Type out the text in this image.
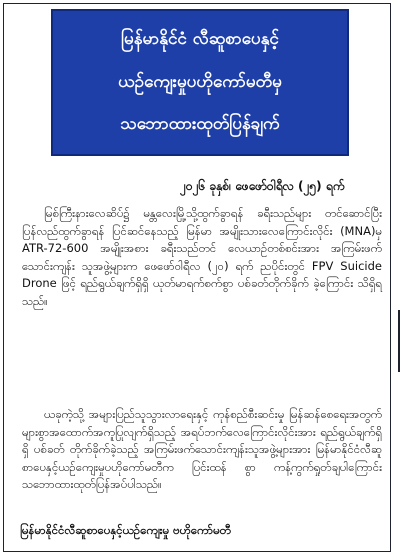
မြန်မာနိုင်ငံ လီဆူစာပေနှင့်
ယဉ်ကျေးမှုပဟိုကော်မတီမှ
သဘောထားထုတ်ပြန်ချက်
၂၀၂၆ ခုနှစ်၊ ဖေဖော်ဝါရီလ (၂၅) ရက်
မြစ်ကြီးနားလေဆိပ်၌ မန္တလေးမြို့သို့ထွက်ခွာရန် ခရီးသည်များ တင်ဆောင်ပြီး ပြန်လည်ထွက်ခွာရန် ပြင်ဆင်နေသည့် မြန်မာ အမျိုးသားလေကြောင်းလိုင်း (MNA)မှ ATR-72-600 အမျိုးအစား ခရီးသည်တင် လေယာဉ်တစ်စင်းအား အကြမ်းဖက်သောင်းကျန်း သူအဖွဲ့များက ဖေဖော်ဝါရီလ (၂၀) ရက် ညပိုင်းတွင် FPV Suicide Drone ဖြင့် ရည်ရွယ်ချက်ရှိရှိ ယုတ်မာရက်စက်စွာ ပစ်ခတ်တိုက်ခိုက် ခဲ့ကြောင်း သိရှိရသည်။
ယခုကဲ့သို့ အများပြည်သူသွားလာရေးနှင့် ကုန်စည်စီးဆင်းမှု မြန်ဆန်စေရေးအတွက် များစွာအထောက်အကူပြုလျက်ရှိသည့် အရပ်ဘက်လေကြောင်းလိုင်းအား ရည်ရွယ်ချက်ရှိရှိ ပစ်ခတ် တိုက်ခိုက်ခဲ့သည့် အကြမ်းဖက်သောင်းကျန်းသူအဖွဲ့များအား မြန်မာနိုင်ငံလီဆူစာပေနှင့်ယဉ်ကျေးမှုပဟိုကော်မတီက ပြင်းထန် စွာ ကန့်ကွက်ရှုတ်ချပါကြောင်း သဘောထားထုတ်ပြန်အပ်ပါသည်။
မြန်မာနိုင်ငံလီဆူစာပေနှင့်ယဉ်ကျေးမှု ဗဟိုကော်မတီ
